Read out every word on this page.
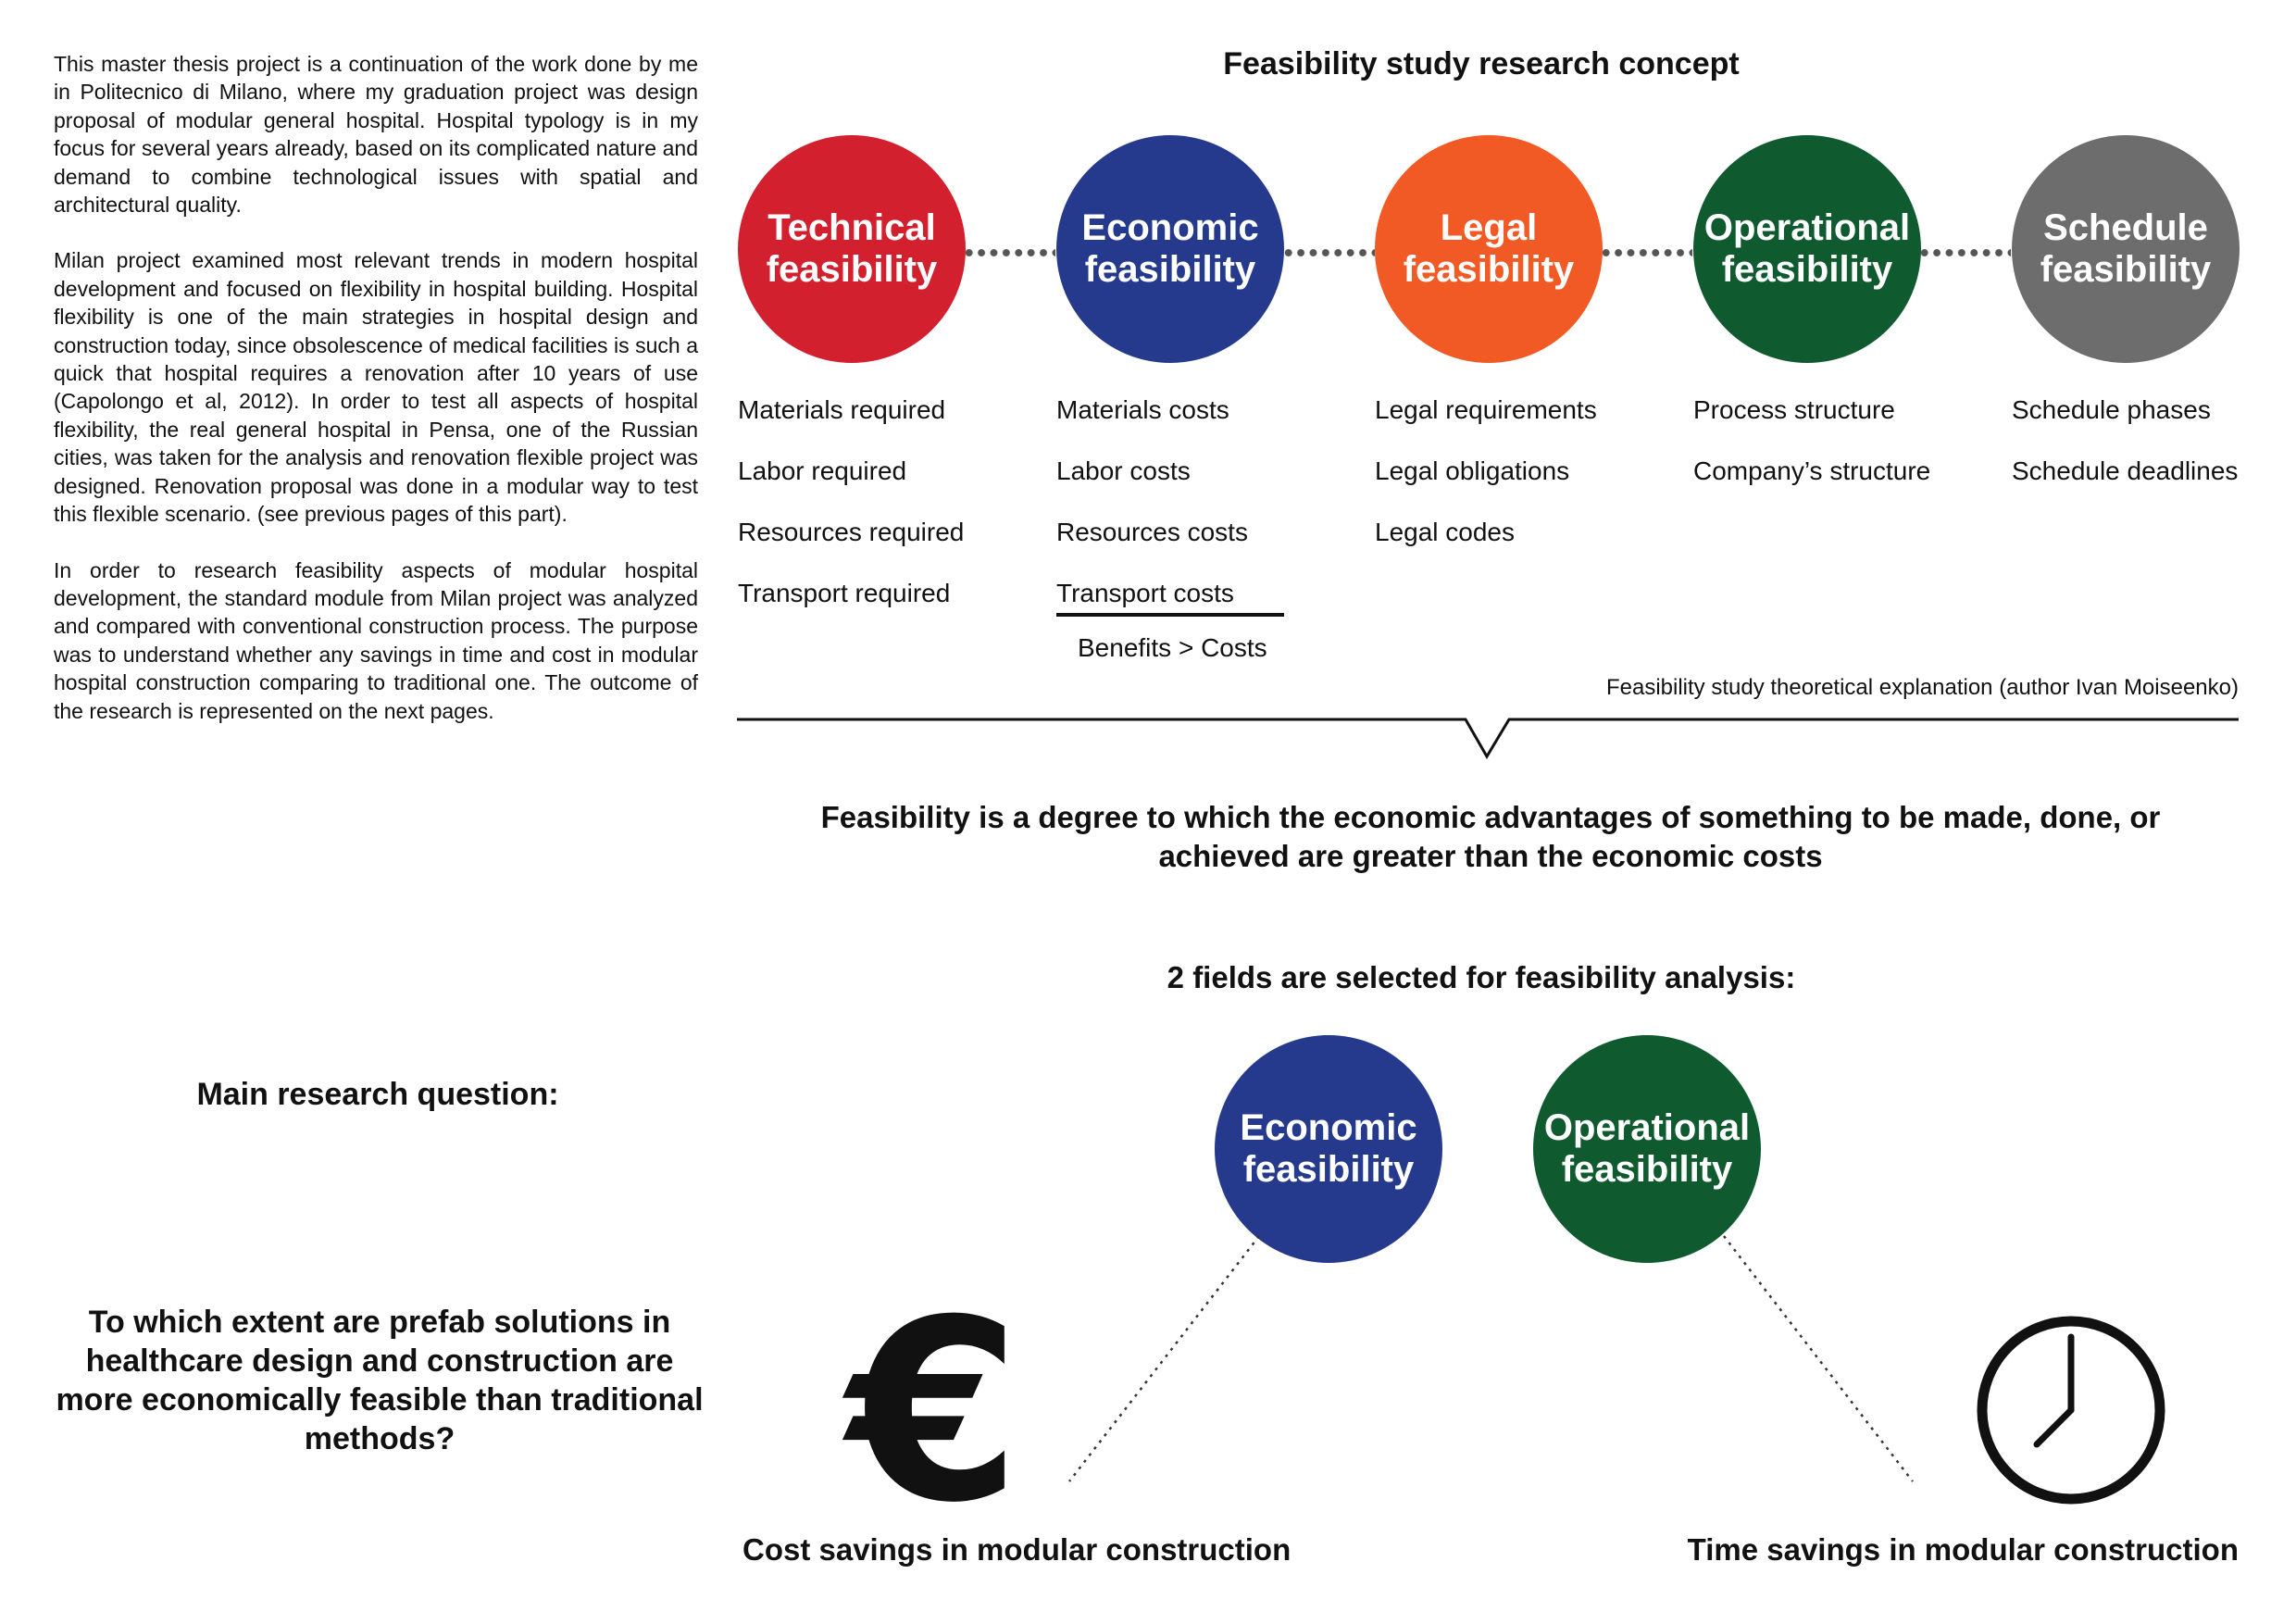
This master thesis project is a continuation of the work done by me in Politecnico di Milano, where my graduation project was design proposal of modular general hospital. Hospital typology is in my focus for several years already, based on its complicated nature and demand to combine technological issues with spatial and architectural quality.

Milan project examined most relevant trends in modern hospital development and focused on flexibility in hospital building. Hospital flexibility is one of the main strategies in hospital design and construction today, since obsolescence of medical facilities is such a quick that hospital requires a renovation after 10 years of use (Capolongo et al, 2012). In order to test all aspects of hospital flexibility, the real general hospital in Pensa, one of the Russian cities, was taken for the analysis and renovation flexible project was designed. Renovation proposal was done in a modular way to test this flexible scenario. (see previous pages of this part).

In order to research feasibility aspects of modular hospital development, the standard module from Milan project was analyzed and compared with conventional construction process. The purpose was to understand whether any savings in time and cost in modular hospital construction comparing to traditional one. The outcome of the research is represented on the next pages.

Main research question:
To which extent are prefab solutions in healthcare design and construction are more economically feasible than traditional methods?
Feasibility study research concept
Technical
feasibility
Economic
feasibility
Legal
feasibility
Operational
feasibility
Schedule
feasibility
Materials required
Labor required
Resources required
Transport required
Materials costs
Labor costs
Resources costs
Transport costs
Benefits > Costs
Legal requirements
Legal obligations
Legal codes
Process structure
Company’s structure
Schedule phases
Schedule deadlines
Feasibility study theoretical explanation (author Ivan Moiseenko)
Feasibility is a degree to which the economic advantages of something to be made, done, or achieved are greater than the economic costs
2 fields are selected for feasibility analysis:
Economic
feasibility
Operational
feasibility
€
Cost savings in modular construction	Time savings in modular construction
